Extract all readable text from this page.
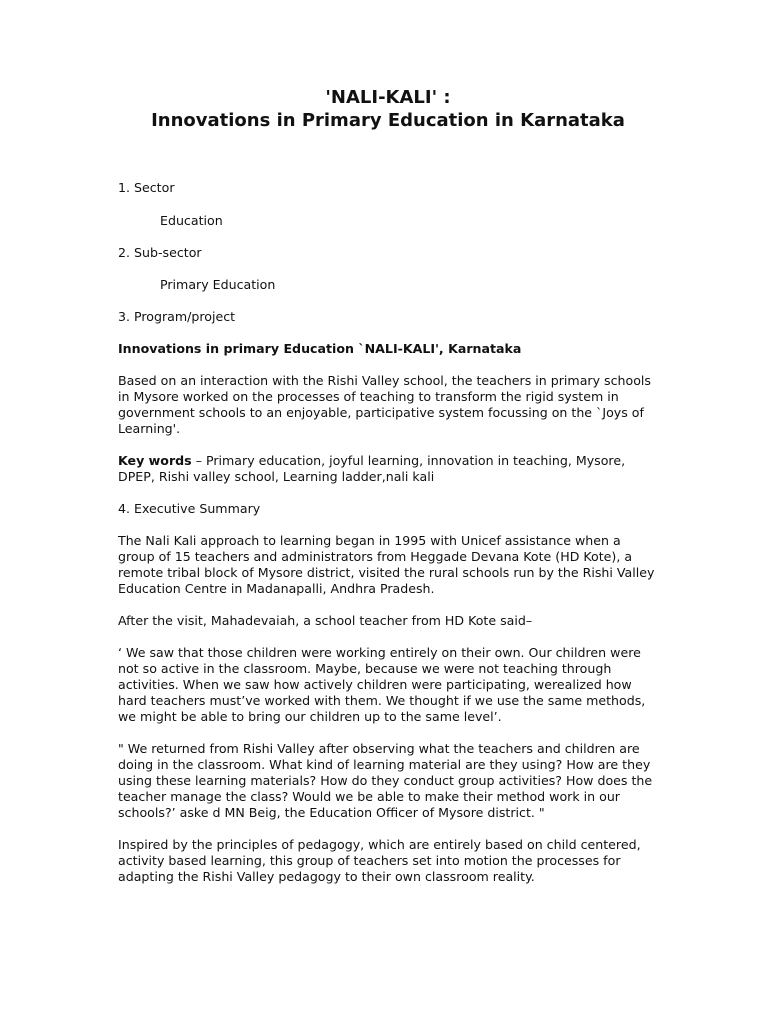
'NALI-KALI' :
Innovations in Primary Education in Karnataka

1. Sector

Education

2. Sub-sector

Primary Education

3. Program/project

Innovations in primary Education `NALI-KALI', Karnataka

Based on an interaction with the Rishi Valley school, the teachers in primary schools in Mysore worked on the processes of teaching to transform the rigid system in government schools to an enjoyable, participative system focussing on the `Joys of Learning'.

Key words – Primary education, joyful learning, innovation in teaching, Mysore, DPEP, Rishi valley school, Learning ladder,nali kali

4. Executive Summary

The Nali Kali approach to learning began in 1995 with Unicef assistance when a group of 15 teachers and administrators from Heggade Devana Kote (HD Kote), a remote tribal block of Mysore district, visited the rural schools run by the Rishi Valley Education Centre in Madanapalli, Andhra Pradesh.

After the visit, Mahadevaiah, a school teacher from HD Kote said–

‘ We saw that those children were working entirely on their own. Our children were not so active in the classroom. Maybe, because we were not teaching through activities. When we saw how actively children were participating, werealized how hard teachers must’ve worked with them. We thought if we use the same methods, we might be able to bring our children up to the same level’.

" We returned from Rishi Valley after observing what the teachers and children are doing in the classroom. What kind of learning material are they using? How are they using these learning materials? How do they conduct group activities? How does the teacher manage the class? Would we be able to make their method work in our schools?’ aske d MN Beig, the Education Officer of Mysore district. "

Inspired by the principles of pedagogy, which are entirely based on child centered, activity based learning, this group of teachers set into motion the processes for adapting the Rishi Valley pedagogy to their own classroom reality.
